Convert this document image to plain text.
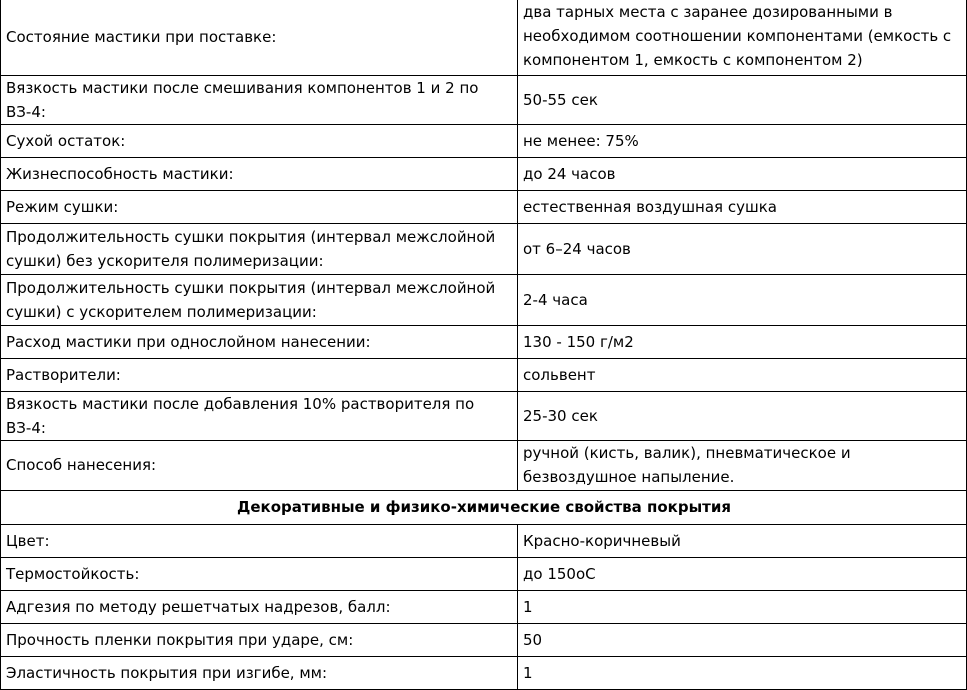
Состояние мастики при поставке:	два тарных места с заранее дозированными в необходимом соотношении компонентами (емкость с компонентом 1, емкость с компонентом 2)
Вязкость мастики после смешивания компонентов 1 и 2 по ВЗ-4:	50-55 сек
Сухой остаток:	не менее: 75%
Жизнеспособность мастики:	до 24 часов
Режим сушки:	естественная воздушная сушка
Продолжительность сушки покрытия (интервал межслойной сушки) без ускорителя полимеризации:	от 6–24 часов
Продолжительность сушки покрытия (интервал межслойной сушки) с ускорителем полимеризации:	2-4 часа
Расход мастики при однослойном нанесении:	130 - 150 г/м2
Растворители:	сольвент
Вязкость мастики после добавления 10% растворителя по ВЗ-4:	25-30 сек
Способ нанесения:	ручной (кисть, валик), пневматическое и безвоздушное напыление.
Декоративные и физико-химические свойства покрытия	
Цвет:	Красно-коричневый
Термостойкость:	до 150оС
Адгезия по методу решетчатых надрезов, балл:	1
Прочность пленки покрытия при ударе, см:	50
Эластичность покрытия при изгибе, мм:	1
